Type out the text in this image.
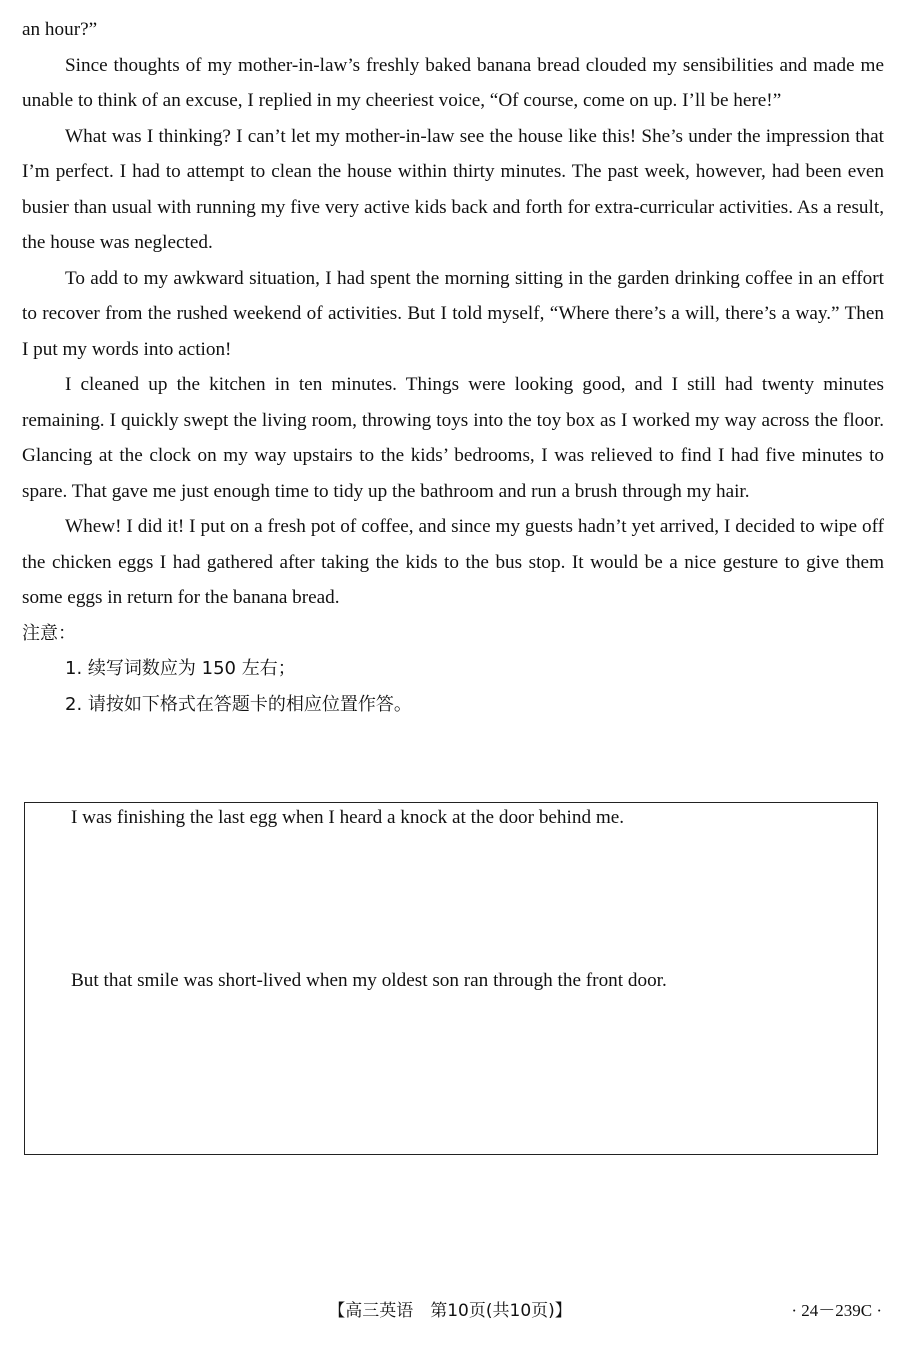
an hour?”

Since thoughts of my mother-in-law’s freshly baked banana bread clouded my sensibilities and made me unable to think of an excuse, I replied in my cheeriest voice, “Of course, come on up. I’ll be here!”

What was I thinking? I can’t let my mother-in-law see the house like this! She’s under the impression that I’m perfect. I had to attempt to clean the house within thirty minutes. The past week, however, had been even busier than usual with running my five very active kids back and forth for extra-curricular activities. As a result, the house was neglected.

To add to my awkward situation, I had spent the morning sitting in the garden drinking coffee in an effort to recover from the rushed weekend of activities. But I told myself, “Where there’s a will, there’s a way.” Then I put my words into action!

I cleaned up the kitchen in ten minutes. Things were looking good, and I still had twenty minutes remaining. I quickly swept the living room, throwing toys into the toy box as I worked my way across the floor. Glancing at the clock on my way upstairs to the kids’ bedrooms, I was relieved to find I had five minutes to spare. That gave me just enough time to tidy up the bathroom and run a brush through my hair.

Whew! I did it! I put on a fresh pot of coffee, and since my guests hadn’t yet arrived, I decided to wipe off the chicken eggs I had gathered after taking the kids to the bus stop. It would be a nice gesture to give them some eggs in return for the banana bread.

注意：

1. 续写词数应为 150 左右；

2. 请按如下格式在答题卡的相应位置作答。

I was finishing the last egg when I heard a knock at the door behind me.

But that smile was short-lived when my oldest son ran through the front door.

【高三英语　第10页(共10页)】	· 24－239C ·
